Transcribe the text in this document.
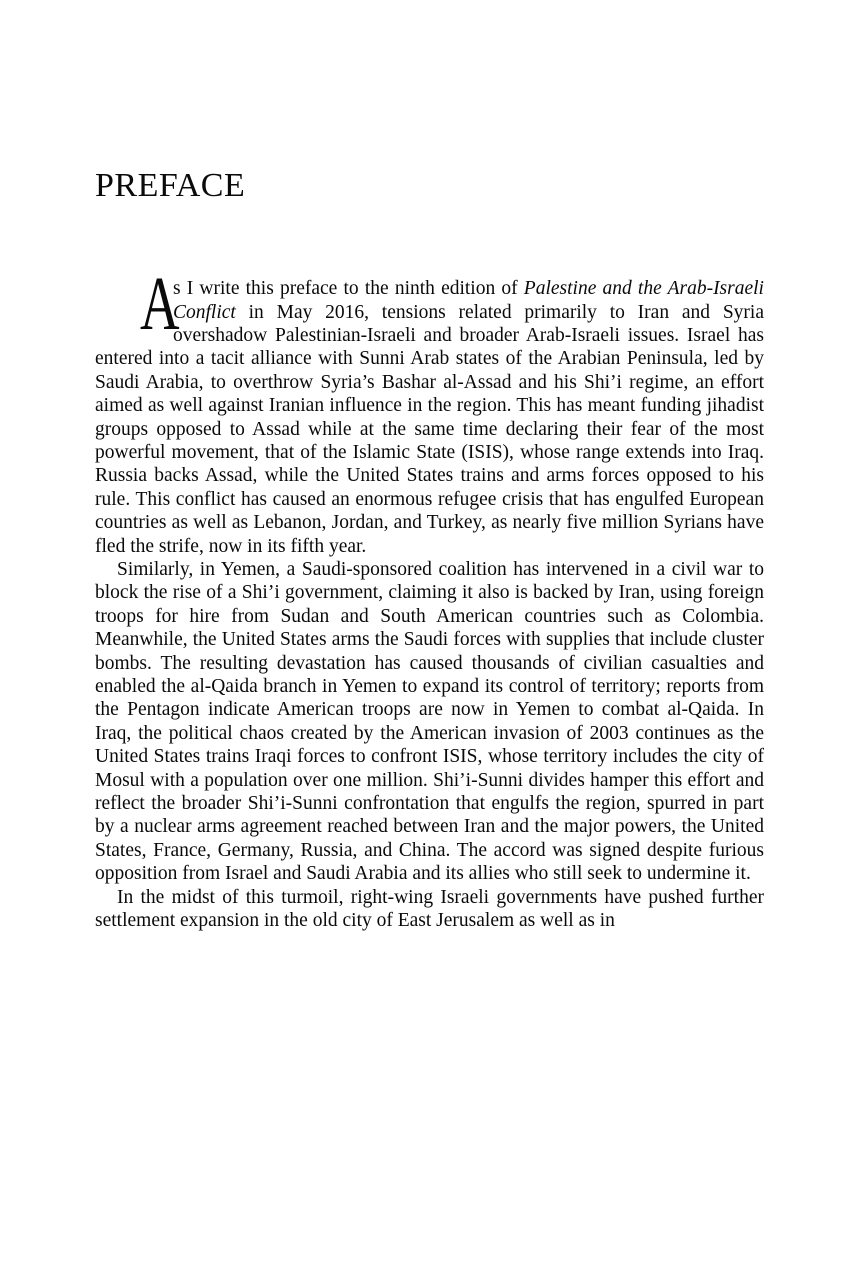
PREFACE

A
s I write this preface to the ninth edition of Palestine and the Arab-Israeli Conflict in May 2016, tensions related primarily to Iran and Syria overshadow Palestinian-Israeli and broader Arab-Israeli issues. Israel has entered into a tacit alliance with Sunni Arab states of the Arabian Peninsula, led by Saudi Arabia, to overthrow Syria’s Bashar al-Assad and his Shi’i regime, an effort aimed as well against Iranian influence in the region. This has meant funding jihadist groups opposed to Assad while at the same time declaring their fear of the most powerful movement, that of the Islamic State (ISIS), whose range extends into Iraq. Russia backs Assad, while the United States trains and arms forces opposed to his rule. This conflict has caused an enormous refugee crisis that has engulfed European countries as well as Lebanon, Jordan, and Turkey, as nearly five million Syrians have fled the strife, now in its fifth year.

Similarly, in Yemen, a Saudi-sponsored coalition has intervened in a civil war to block the rise of a Shi’i government, claiming it also is backed by Iran, using foreign troops for hire from Sudan and South American countries such as Colombia. Meanwhile, the United States arms the Saudi forces with supplies that include cluster bombs. The resulting devastation has caused thousands of civilian casualties and enabled the al-Qaida branch in Yemen to expand its control of territory; reports from the Pentagon indicate American troops are now in Yemen to combat al-Qaida. In Iraq, the political chaos created by the American invasion of 2003 continues as the United States trains Iraqi forces to confront ISIS, whose territory includes the city of Mosul with a population over one million. Shi’i-Sunni divides hamper this effort and reflect the broader Shi’i-Sunni confrontation that engulfs the region, spurred in part by a nuclear arms agreement reached between Iran and the major powers, the United States, France, Germany, Russia, and China. The accord was signed despite furious opposition from Israel and Saudi Arabia and its allies who still seek to undermine it.

In the midst of this turmoil, right-wing Israeli governments have pushed further settlement expansion in the old city of East Jerusalem as well as in
